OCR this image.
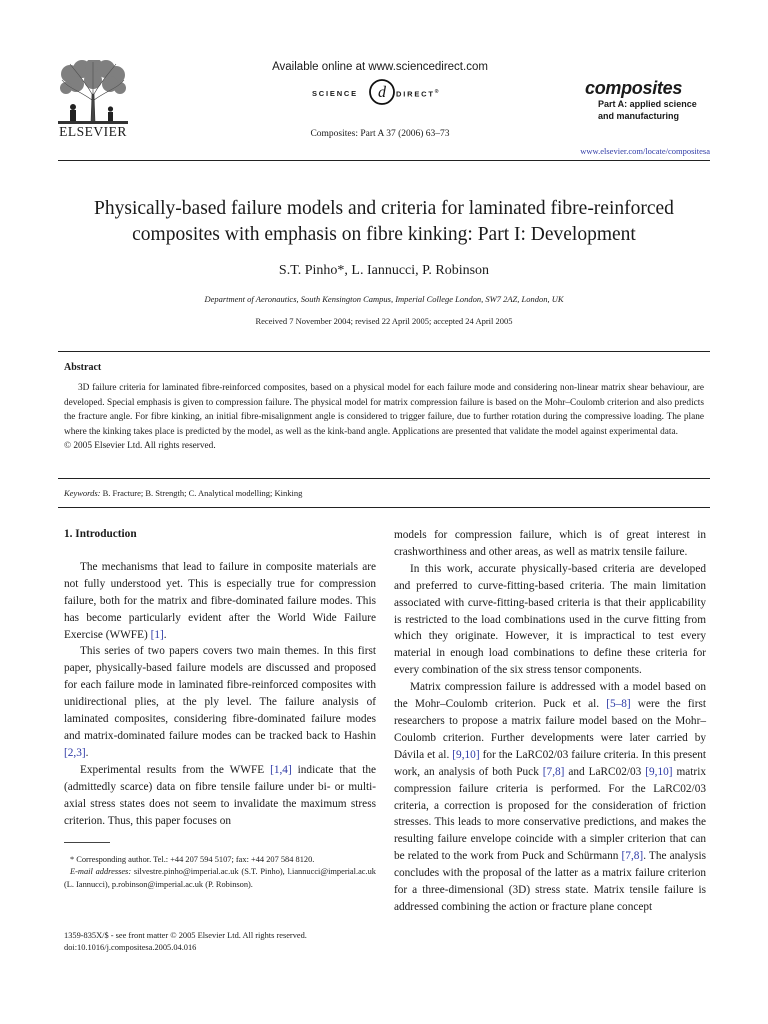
ELSEVIER
Available online at www.sciencedirect.com
SCIENCE d DIRECT®
Composites: Part A 37 (2006) 63–73
composites
Part A: applied science
and manufacturing
www.elsevier.com/locate/compositesa
Physically-based failure models and criteria for laminated fibre-reinforced
composites with emphasis on fibre kinking: Part I: Development
S.T. Pinho*, L. Iannucci, P. Robinson
Department of Aeronautics, South Kensington Campus, Imperial College London, SW7 2AZ, London, UK
Received 7 November 2004; revised 22 April 2005; accepted 24 April 2005
Abstract

3D failure criteria for laminated fibre-reinforced composites, based on a physical model for each failure mode and considering non-linear matrix shear behaviour, are developed. Special emphasis is given to compression failure. The physical model for matrix compression failure is based on the Mohr–Coulomb criterion and also predicts the fracture angle. For fibre kinking, an initial fibre-misalignment angle is considered to trigger failure, due to further rotation during the compressive loading. The plane where the kinking takes place is predicted by the model, as well as the kink-band angle. Applications are presented that validate the model against experimental data.

© 2005 Elsevier Ltd. All rights reserved.

Keywords: B. Fracture; B. Strength; C. Analytical modelling; Kinking
1. Introduction

The mechanisms that lead to failure in composite materials are not fully understood yet. This is especially true for compression failure, both for the matrix and fibre-dominated failure modes. This has become particularly evident after the World Wide Failure Exercise (WWFE) [1].

This series of two papers covers two main themes. In this first paper, physically-based failure models are discussed and proposed for each failure mode in laminated fibre-reinforced composites with unidirectional plies, at the ply level. The failure analysis of laminated composites, considering fibre-dominated failure modes and matrix-dominated failure modes can be tracked back to Hashin [2,3].

Experimental results from the WWFE [1,4] indicate that the (admittedly scarce) data on fibre tensile failure under bi- or multi-axial stress states does not seem to invalidate the maximum stress criterion. Thus, this paper focuses on

* Corresponding author. Tel.: +44 207 594 5107; fax: +44 207 584 8120.

E-mail addresses: silvestre.pinho@imperial.ac.uk (S.T. Pinho), l.iannucci@imperial.ac.uk (L. Iannucci), p.robinson@imperial.ac.uk (P. Robinson).

1359-835X/$ - see front matter © 2005 Elsevier Ltd. All rights reserved.
doi:10.1016/j.compositesa.2005.04.016

models for compression failure, which is of great interest in crashworthiness and other areas, as well as matrix tensile failure.

In this work, accurate physically-based criteria are developed and preferred to curve-fitting-based criteria. The main limitation associated with curve-fitting-based criteria is that their applicability is restricted to the load combinations used in the curve fitting from which they originate. However, it is impractical to test every material in enough load combinations to define these criteria for every combination of the six stress tensor components.

Matrix compression failure is addressed with a model based on the Mohr–Coulomb criterion. Puck et al. [5–8] were the first researchers to propose a matrix failure model based on the Mohr–Coulomb criterion. Further developments were later carried by Dávila et al. [9,10] for the LaRC02/03 failure criteria. In this present work, an analysis of both Puck [7,8] and LaRC02/03 [9,10] matrix compression failure criteria is performed. For the LaRC02/03 criteria, a correction is proposed for the consideration of friction stresses. This leads to more conservative predictions, and makes the resulting failure envelope coincide with a simpler criterion that can be related to the work from Puck and Schürmann [7,8]. The analysis concludes with the proposal of the latter as a matrix failure criterion for a three-dimensional (3D) stress state. Matrix tensile failure is addressed combining the action or fracture plane concept
